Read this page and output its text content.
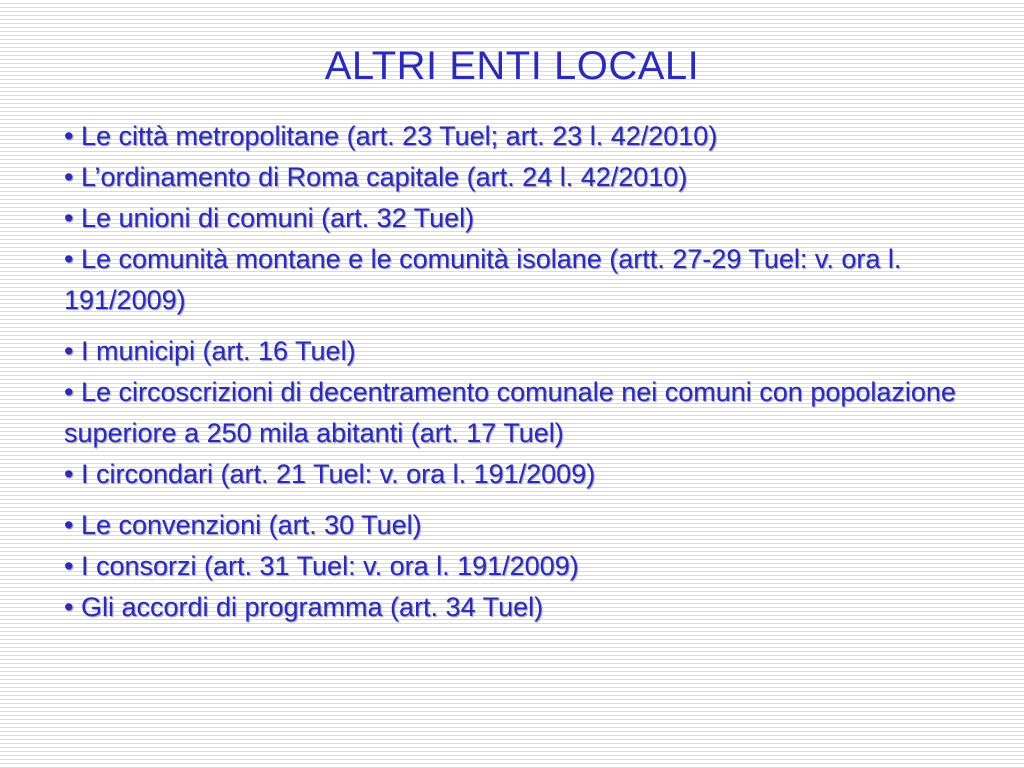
ALTRI ENTI LOCALI

• Le città metropolitane (art. 23 Tuel; art. 23 l. 42/2010)

• L’ordinamento di Roma capitale (art. 24 l. 42/2010)

• Le unioni di comuni (art. 32 Tuel)

• Le comunità montane e le comunità isolane (artt. 27-29 Tuel: v. ora l. 191/2009)

• I municipi (art. 16 Tuel)

• Le circoscrizioni di decentramento comunale nei comuni con popolazione superiore a 250 mila abitanti (art. 17 Tuel)

• I circondari (art. 21 Tuel: v. ora l. 191/2009)

• Le convenzioni (art. 30 Tuel)

• I consorzi (art. 31 Tuel: v. ora l. 191/2009)

• Gli accordi di programma (art. 34 Tuel)
